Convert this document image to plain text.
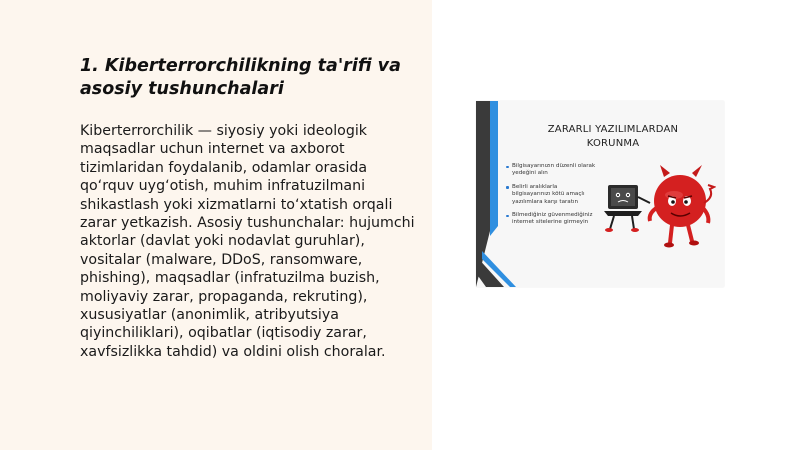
1. Kiberterrorchilikning ta'rifi va asosiy tushunchalari

Kiberterrorchilik — siyosiy yoki ideologik maqsadlar uchun internet va axborot tizimlaridan foydalanib, odamlar orasida qo‘rquv uyg‘otish, muhim infratuzilmani shikastlash yoki xizmatlarni to‘xtatish orqali zarar yetkazish. Asosiy tushunchalar: hujumchi aktorlar (davlat yoki nodavlat guruhlar), vositalar (malware, DDoS, ransomware, phishing), maqsadlar (infratuzilma buzish, moliyaviy zarar, propaganda, rekruting), xususiyatlar (anonimlik, atribyutsiya qiyinchiliklari), oqibatlar (iqtisodiy zarar, xavfsizlikka tahdid) va oldini olish choralar.

ZARARLI YAZILIMLARDAN
KORUNMA
Bilgisayarınızın düzenli olarak yedeğini alın
Belirli aralıklarla bilgisayarınızı kötü amaçlı yazılımlara karşı taratın
Bilmediğiniz güvenmediğiniz internet sitelerine girmeyin
